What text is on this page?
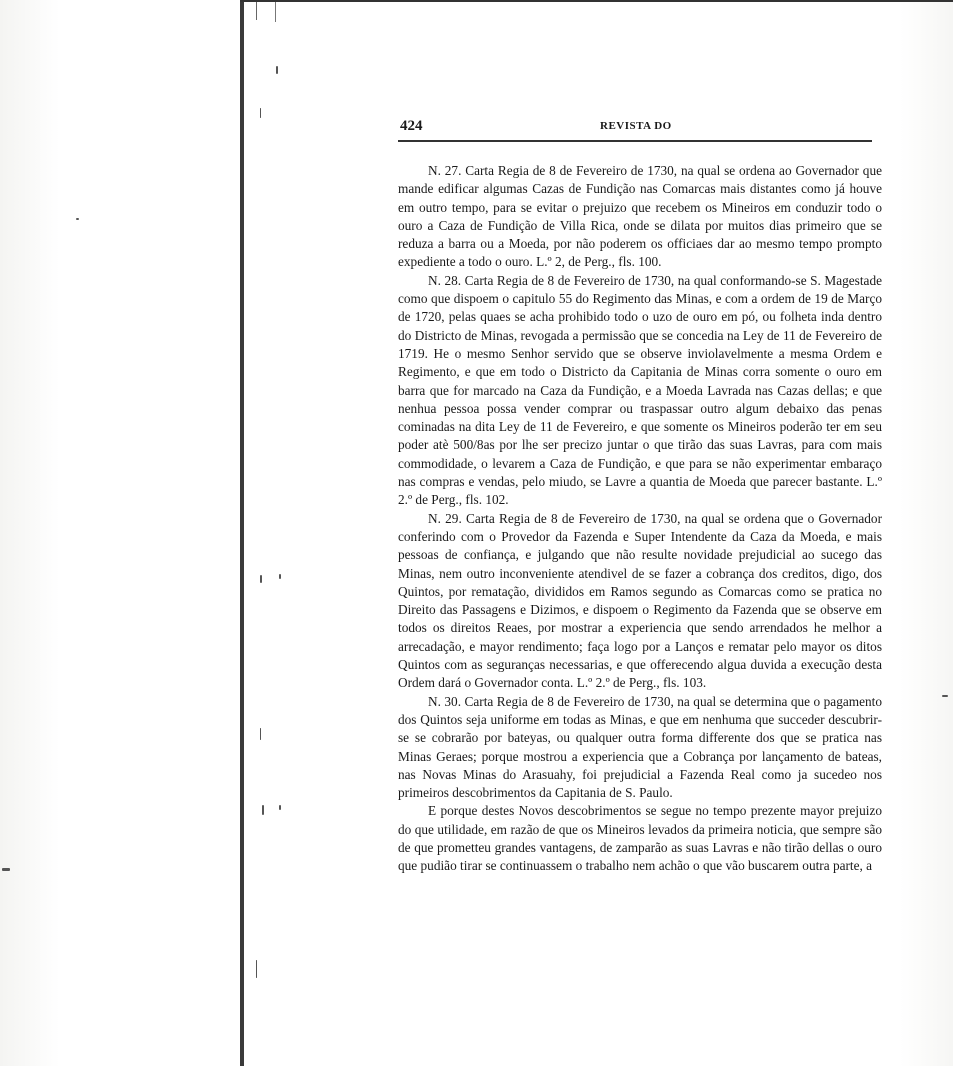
424	REVISTA DO

N. 27. Carta Regia de 8 de Fevereiro de 1730, na qual se ordena ao Governador que mande edificar algumas Cazas de Fundição nas Comarcas mais distantes como já houve em outro tempo, para se evitar o prejuizo que recebem os Mineiros em conduzir todo o ouro a Caza de Fundição de Villa Rica, onde se dilata por muitos dias primeiro que se reduza a barra ou a Moeda, por não poderem os officiaes dar ao mesmo tempo prompto expediente a todo o ouro. L.º 2, de Perg., fls. 100.

N. 28. Carta Regia de 8 de Fevereiro de 1730, na qual conformando-se S. Magestade como que dispoem o capitulo 55 do Regimento das Minas, e com a ordem de 19 de Março de 1720, pelas quaes se acha prohibido todo o uzo de ouro em pó, ou folheta inda dentro do Districto de Minas, revogada a permissão que se concedia na Ley de 11 de Fevereiro de 1719. He o mesmo Senhor servido que se observe inviolavelmente a mesma Ordem e Regimento, e que em todo o Districto da Capitania de Minas corra somente o ouro em barra que for marcado na Caza da Fundição, e a Moeda Lavrada nas Cazas dellas; e que nenhua pessoa possa vender comprar ou traspassar outro algum debaixo das penas cominadas na dita Ley de 11 de Fevereiro, e que somente os Mineiros poderão ter em seu poder atè 500/8as por lhe ser precizo juntar o que tirão das suas Lavras, para com mais commodidade, o levarem a Caza de Fundição, e que para se não experimentar embaraço nas compras e vendas, pelo miudo, se Lavre a quantia de Moeda que parecer bastante. L.º 2.º de Perg., fls. 102.

N. 29. Carta Regia de 8 de Fevereiro de 1730, na qual se ordena que o Governador conferindo com o Provedor da Fazenda e Super Intendente da Caza da Moeda, e mais pessoas de confiança, e julgando que não resulte novidade prejudicial ao sucego das Minas, nem outro inconveniente atendivel de se fazer a cobrança dos creditos, digo, dos Quintos, por rematação, divididos em Ramos segundo as Comarcas como se pratica no Direito das Passagens e Dizimos, e dispoem o Regimento da Fazenda que se observe em todos os direitos Reaes, por mostrar a experiencia que sendo arrendados he melhor a arrecadação, e mayor rendimento; faça logo por a Lanços e rematar pelo mayor os ditos Quintos com as seguranças necessarias, e que offerecendo algua duvida a execução desta Ordem dará o Governador conta. L.º 2.º de Perg., fls. 103.

N. 30. Carta Regia de 8 de Fevereiro de 1730, na qual se determina que o pagamento dos Quintos seja uniforme em todas as Minas, e que em nenhuma que succeder descubrir-se se cobrarão por bateyas, ou qualquer outra forma differente dos que se pratica nas Minas Geraes; porque mostrou a experiencia que a Cobrança por lançamento de bateas, nas Novas Minas do Arasuahy, foi prejudicial a Fazenda Real como ja sucedeo nos primeiros descobrimentos da Capitania de S. Paulo.

E porque destes Novos descobrimentos se segue no tempo prezente mayor prejuizo do que utilidade, em razão de que os Mineiros levados da primeira noticia, que sempre são de que prometteu grandes vantagens, de zamparão as suas Lavras e não tirão dellas o ouro que pudião tirar se continuassem o trabalho nem achão o que vão buscarem outra parte, a
